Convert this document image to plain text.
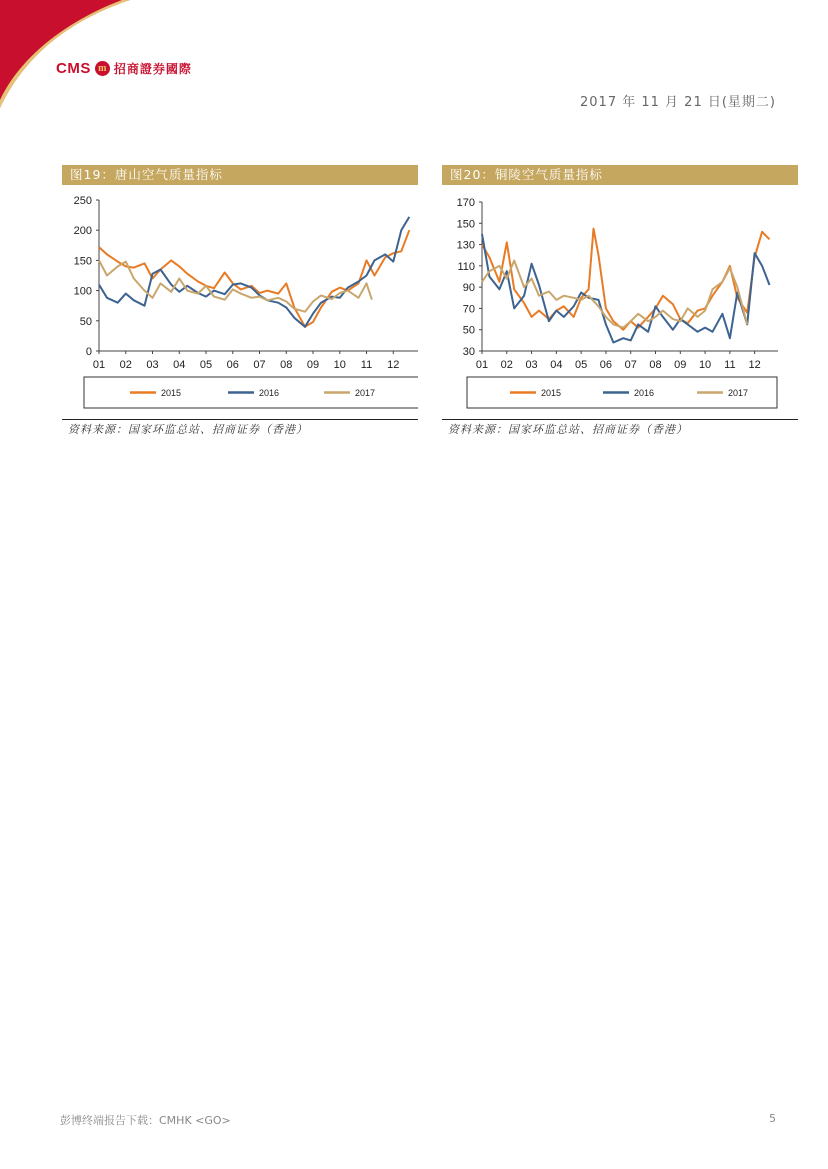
CMS m 招商證券國際
2017 年 11 月 21 日(星期二)
图19：唐山空气质量指标
0
50
100
150
200
250
01 02 03 04 05 06 07 08 09 10 11 12
2015	2016	2017
资料来源：国家环监总站、招商证券（香港）
图20：铜陵空气质量指标
30
50
70
90
110
130
150
170
01 02 03 04 05 06 07 08 09 10 11 12
2015	2016	2017
资料来源：国家环监总站、招商证券（香港）
彭博终端报告下载：CMHK <GO>	5
